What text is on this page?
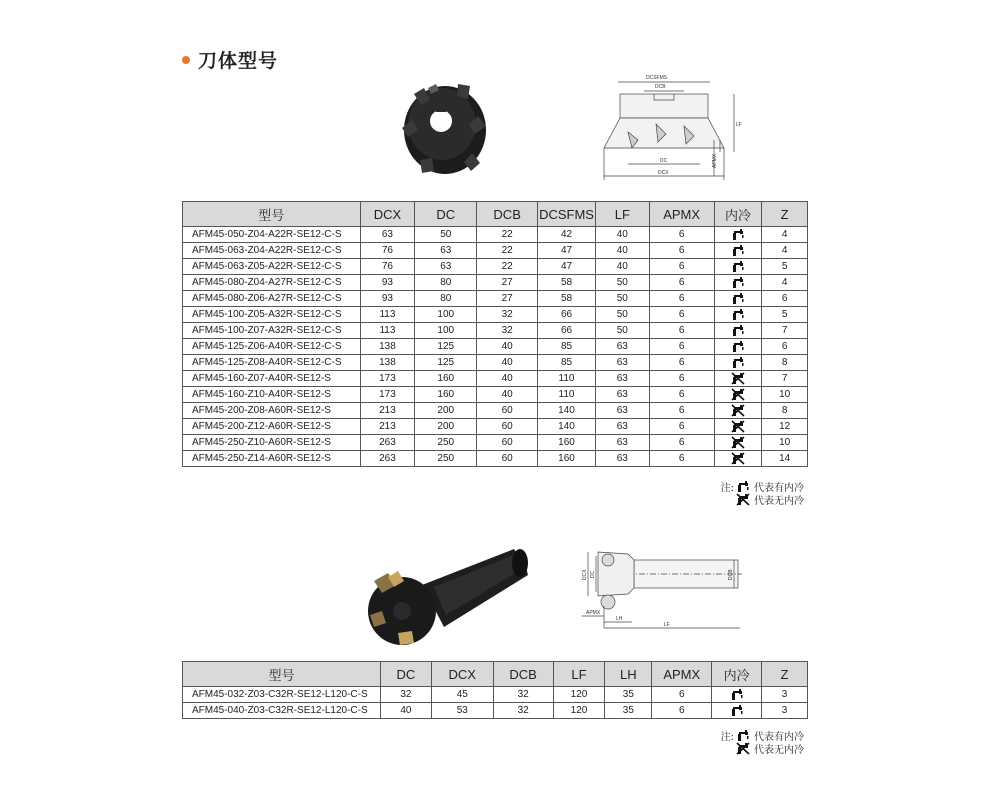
刀体型号
DCSFMS
DCB
DC
DCX
LF
APMX
型号	DCX	DC	DCB	DCSFMS	LF	APMX	内冷	Z
AFM45-050-Z04-A22R-SE12-C-S	63	50	22	42	40	6		4
AFM45-063-Z04-A22R-SE12-C-S	76	63	22	47	40	6		4
AFM45-063-Z05-A22R-SE12-C-S	76	63	22	47	40	6		5
AFM45-080-Z04-A27R-SE12-C-S	93	80	27	58	50	6		4
AFM45-080-Z06-A27R-SE12-C-S	93	80	27	58	50	6		6
AFM45-100-Z05-A32R-SE12-C-S	113	100	32	66	50	6		5
AFM45-100-Z07-A32R-SE12-C-S	113	100	32	66	50	6		7
AFM45-125-Z06-A40R-SE12-C-S	138	125	40	85	63	6		6
AFM45-125-Z08-A40R-SE12-C-S	138	125	40	85	63	6		8
AFM45-160-Z07-A40R-SE12-S	173	160	40	110	63	6		7
AFM45-160-Z10-A40R-SE12-S	173	160	40	110	63	6		10
AFM45-200-Z08-A60R-SE12-S	213	200	60	140	63	6		8
AFM45-200-Z12-A60R-SE12-S	213	200	60	140	63	6		12
AFM45-250-Z10-A60R-SE12-S	263	250	60	160	63	6		10
AFM45-250-Z14-A60R-SE12-S	263	250	60	160	63	6		14
注: 代表有内冷
代表无内冷
DCX DC	DCB
APMX
LH
LF
型号	DC	DCX	DCB	LF	LH	APMX	内冷	Z
AFM45-032-Z03-C32R-SE12-L120-C-S	32	45	32	120	35	6		3
AFM45-040-Z03-C32R-SE12-L120-C-S	40	53	32	120	35	6		3
注: 代表有内冷
代表无内冷
